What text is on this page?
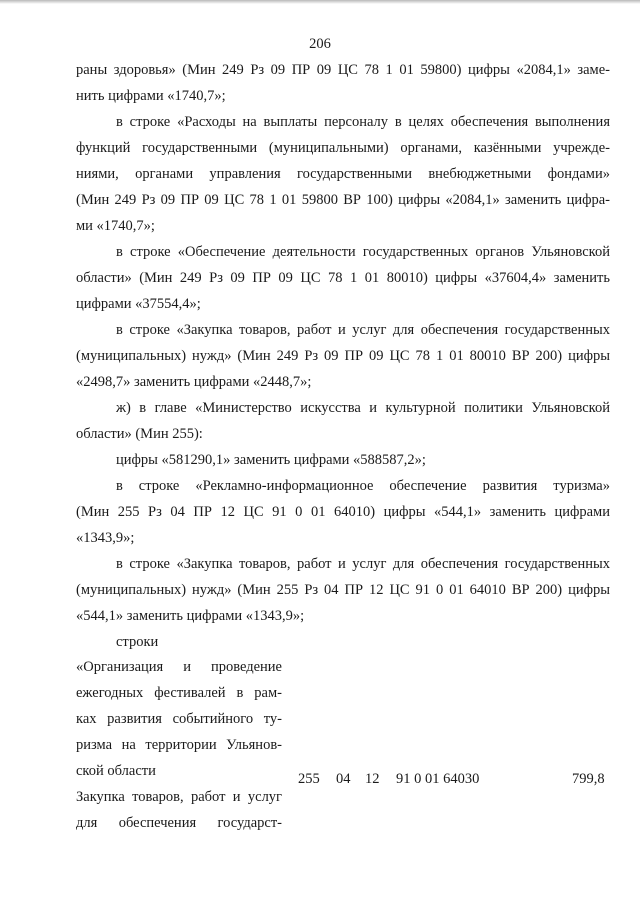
206
раны здоровья» (Мин 249 Рз 09 ПР 09 ЦС 78 1 01 59800) цифры «2084,1» заме-
нить цифрами «1740,7»;
в строке «Расходы на выплаты персоналу в целях обеспечения выполнения
функций государственными (муниципальными) органами, казёнными учрежде-
ниями, органами управления государственными внебюджетными фондами»
(Мин 249 Рз 09 ПР 09 ЦС 78 1 01 59800 ВР 100) цифры «2084,1» заменить цифра-
ми «1740,7»;
в строке «Обеспечение деятельности государственных органов Ульяновской
области» (Мин 249 Рз 09 ПР 09 ЦС 78 1 01 80010) цифры «37604,4» заменить
цифрами «37554,4»;
в строке «Закупка товаров, работ и услуг для обеспечения государственных
(муниципальных) нужд» (Мин 249 Рз 09 ПР 09 ЦС 78 1 01 80010 ВР 200) цифры
«2498,7» заменить цифрами «2448,7»;
ж) в главе «Министерство искусства и культурной политики Ульяновской
области» (Мин 255):
цифры «581290,1» заменить цифрами «588587,2»;
в строке «Рекламно-информационное обеспечение развития туризма»
(Мин 255 Рз 04 ПР 12 ЦС 91 0 01 64010) цифры «544,1» заменить цифрами
«1343,9»;
в строке «Закупка товаров, работ и услуг для обеспечения государственных
(муниципальных) нужд» (Мин 255 Рз 04 ПР 12 ЦС 91 0 01 64010 ВР 200) цифры
«544,1» заменить цифрами «1343,9»;
строки
«Организация и проведение
ежегодных фестивалей в рам-
ках развития событийного ту-
ризма на территории Ульянов-
ской области
Закупка товаров, работ и услуг
для обеспечения государст-
255 04 12 91 0 01 64030	799,8
